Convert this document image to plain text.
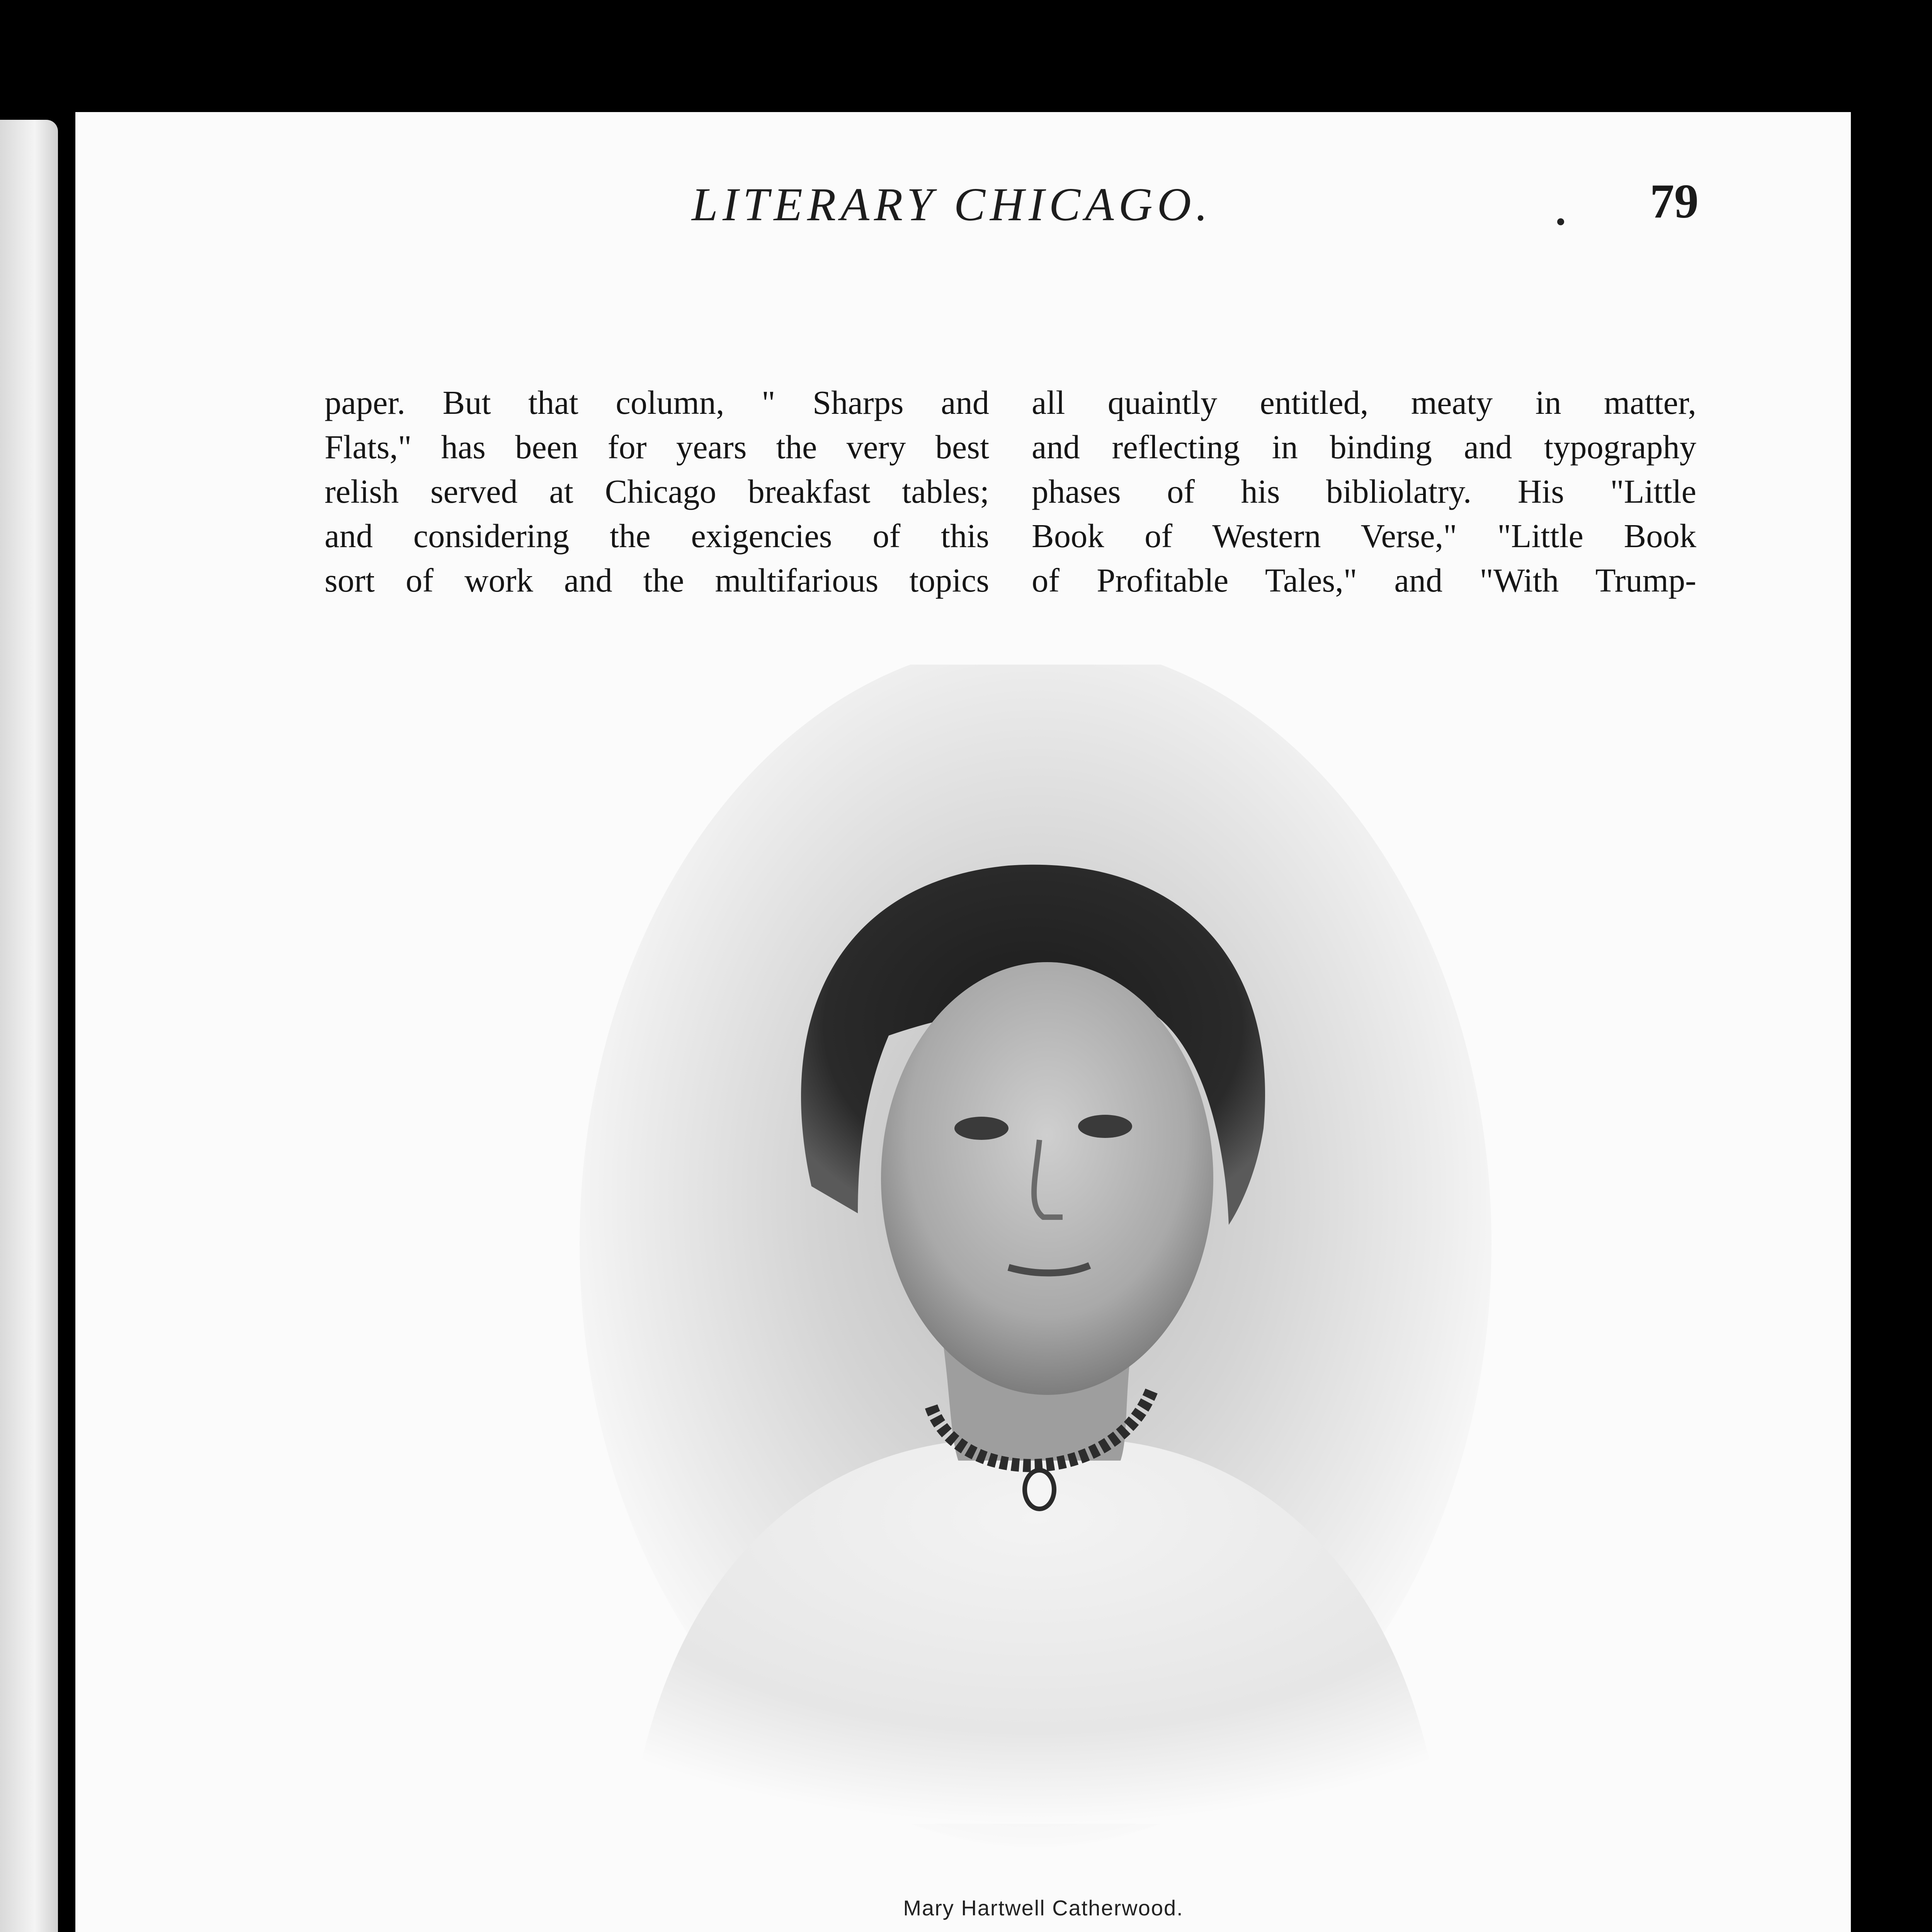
LITERARY CHICAGO.	79

paper. But that column, " Sharps and
Flats," has been for years the very best
relish served at Chicago breakfast tables;
and considering the exigencies of this
sort of work and the multifarious topics

all quaintly entitled, meaty in matter,
and reflecting in binding and typography
phases of his bibliolatry. His "Little
Book of Western Verse," "Little Book
of Profitable Tales," and "With Trump-

Mary Hartwell Catherwood.
